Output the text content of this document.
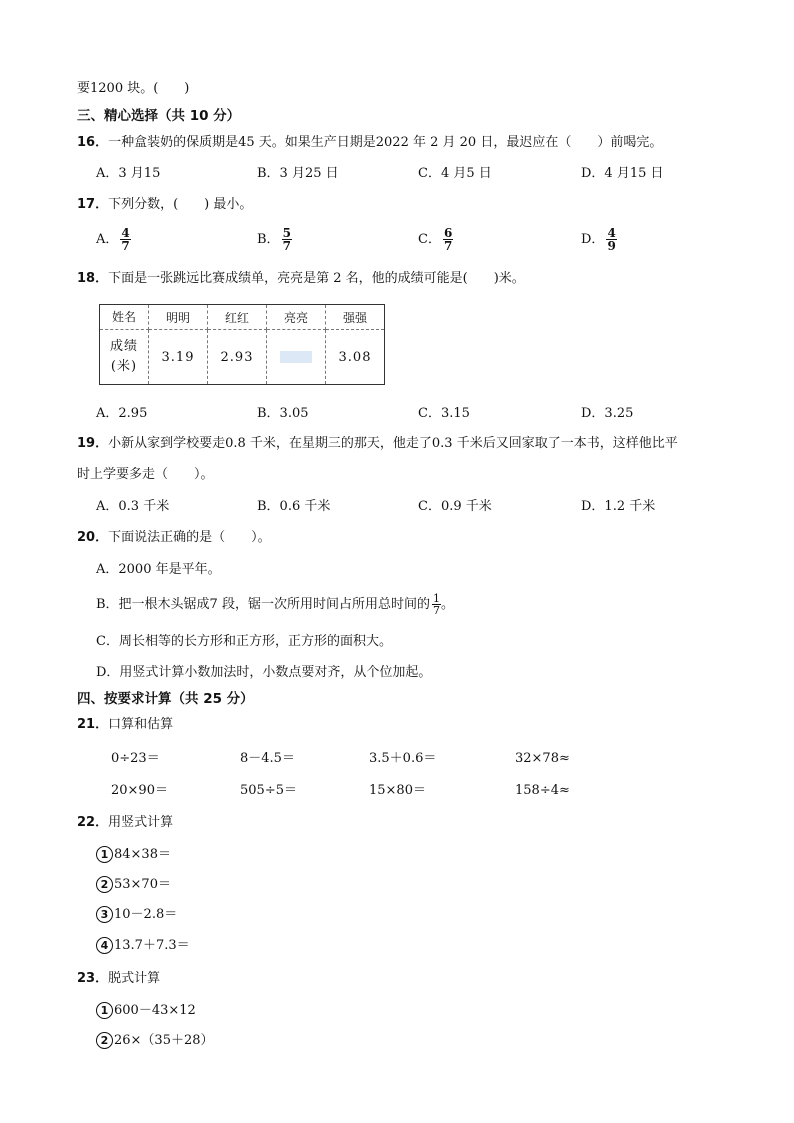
要1200 块。(　　)
三、精心选择（共 10 分）
16．一种盒装奶的保质期是45 天。如果生产日期是2022 年 2 月 20 日，最迟应在（　　）前喝完。
A．3 月15	B．3 月25 日	C．4 月5 日	D．4 月15 日
17．下列分数，(　　) 最小。
A． $\frac{4}{7}$	B． $\frac{5}{7}$	C． $\frac{6}{7}$	D． $\frac{4}{9}$
18．下面是一张跳远比赛成绩单，亮亮是第 2 名，他的成绩可能是(　　)米。
姓名	明明	红红	亮亮	强强
成绩
(米)	3.19	2.93		3.08
A．2.95	B．3.05	C．3.15	D．3.25
19．小新从家到学校要走0.8 千米，在星期三的那天，他走了0.3 千米后又回家取了一本书，这样他比平
时上学要多走（　　）。
A．0.3 千米	B．0.6 千米	C．0.9 千米	D．1.2 千米
20．下面说法正确的是（　　）。
A．2000 年是平年。
B．把一根木头锯成7 段，锯一次所用时间占所用总时间的 $\frac{1}{7}$ 。
C．周长相等的长方形和正方形，正方形的面积大。
D．用竖式计算小数加法时，小数点要对齐，从个位加起。
四、按要求计算（共 25 分）
21．口算和估算
0÷23＝	8－4.5＝	3.5＋0.6＝	32×78≈
20×90＝	505÷5＝	15×80＝	158÷4≈
22．用竖式计算
1 84×38＝
2 53×70＝
3 10－2.8＝
4 13.7＋7.3＝
23．脱式计算
1 600－43×12
2 26×（35＋28）
